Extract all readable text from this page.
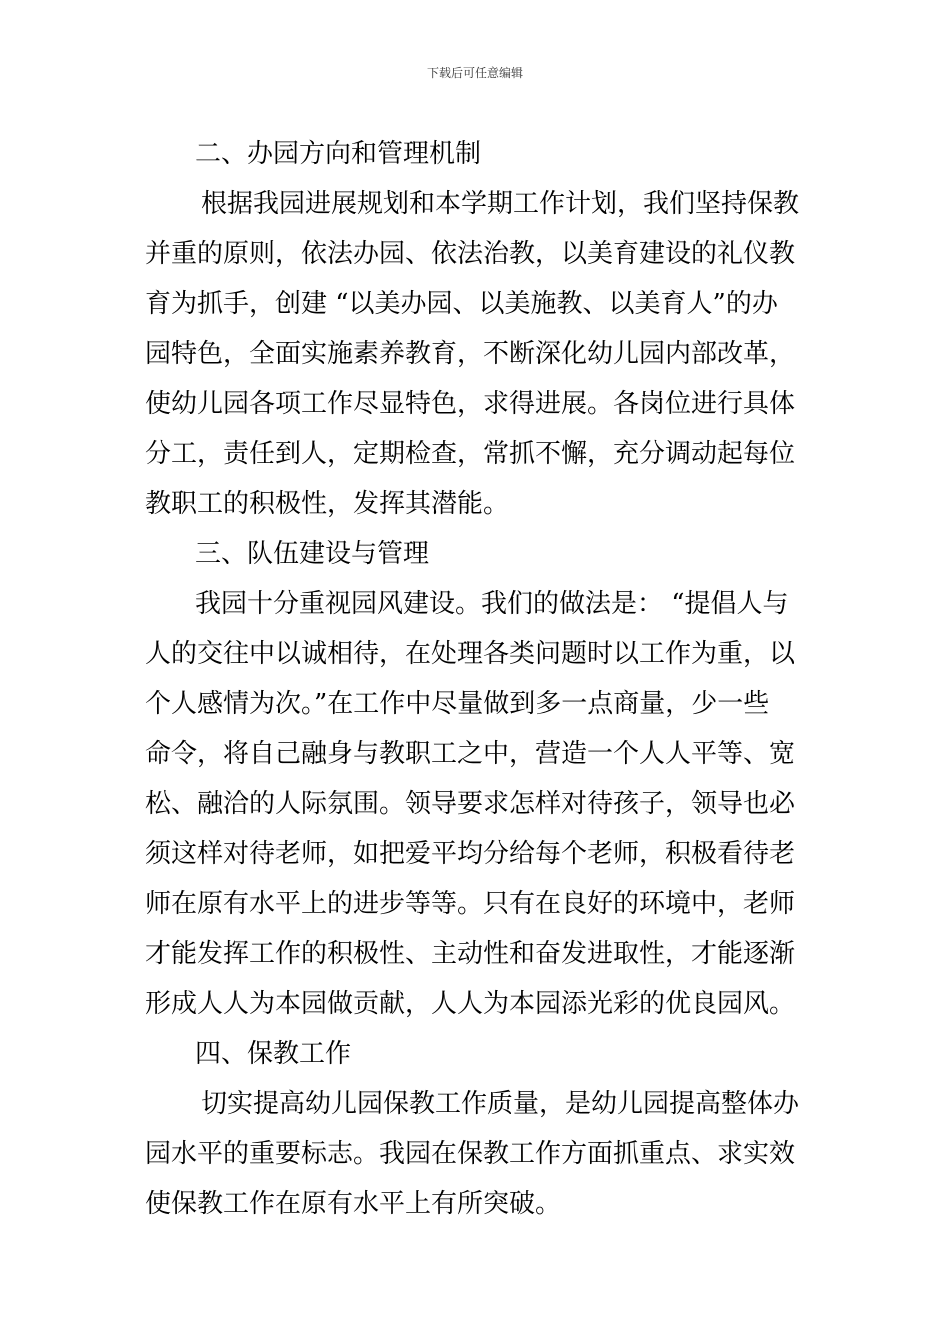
下载后可任意编辑
二、办园方向和管理机制
根据我园进展规划和本学期工作计划，我们坚持保教
并重的原则，依法办园、依法治教，以美育建设的礼仪教
育为抓手，创建 “以美办园、以美施教、以美育人”的办
园特色，全面实施素养教育，不断深化幼儿园内部改革，
使幼儿园各项工作尽显特色，求得进展。各岗位进行具体
分工，责任到人，定期检查，常抓不懈，充分调动起每位
教职工的积极性，发挥其潜能。
三、队伍建设与管理
我园十分重视园风建设。我们的做法是： “提倡人与
人的交往中以诚相待，在处理各类问题时以工作为重，以
个人感情为次。”在工作中尽量做到多一点商量，少一些
命令，将自己融身与教职工之中，营造一个人人平等、宽
松、融洽的人际氛围。领导要求怎样对待孩子，领导也必
须这样对待老师，如把爱平均分给每个老师，积极看待老
师在原有水平上的进步等等。只有在良好的环境中，老师
才能发挥工作的积极性、主动性和奋发进取性，才能逐渐
形成人人为本园做贡献，人人为本园添光彩的优良园风。
四、保教工作
切实提高幼儿园保教工作质量，是幼儿园提高整体办
园水平的重要标志。我园在保教工作方面抓重点、求实效
使保教工作在原有水平上有所突破。
